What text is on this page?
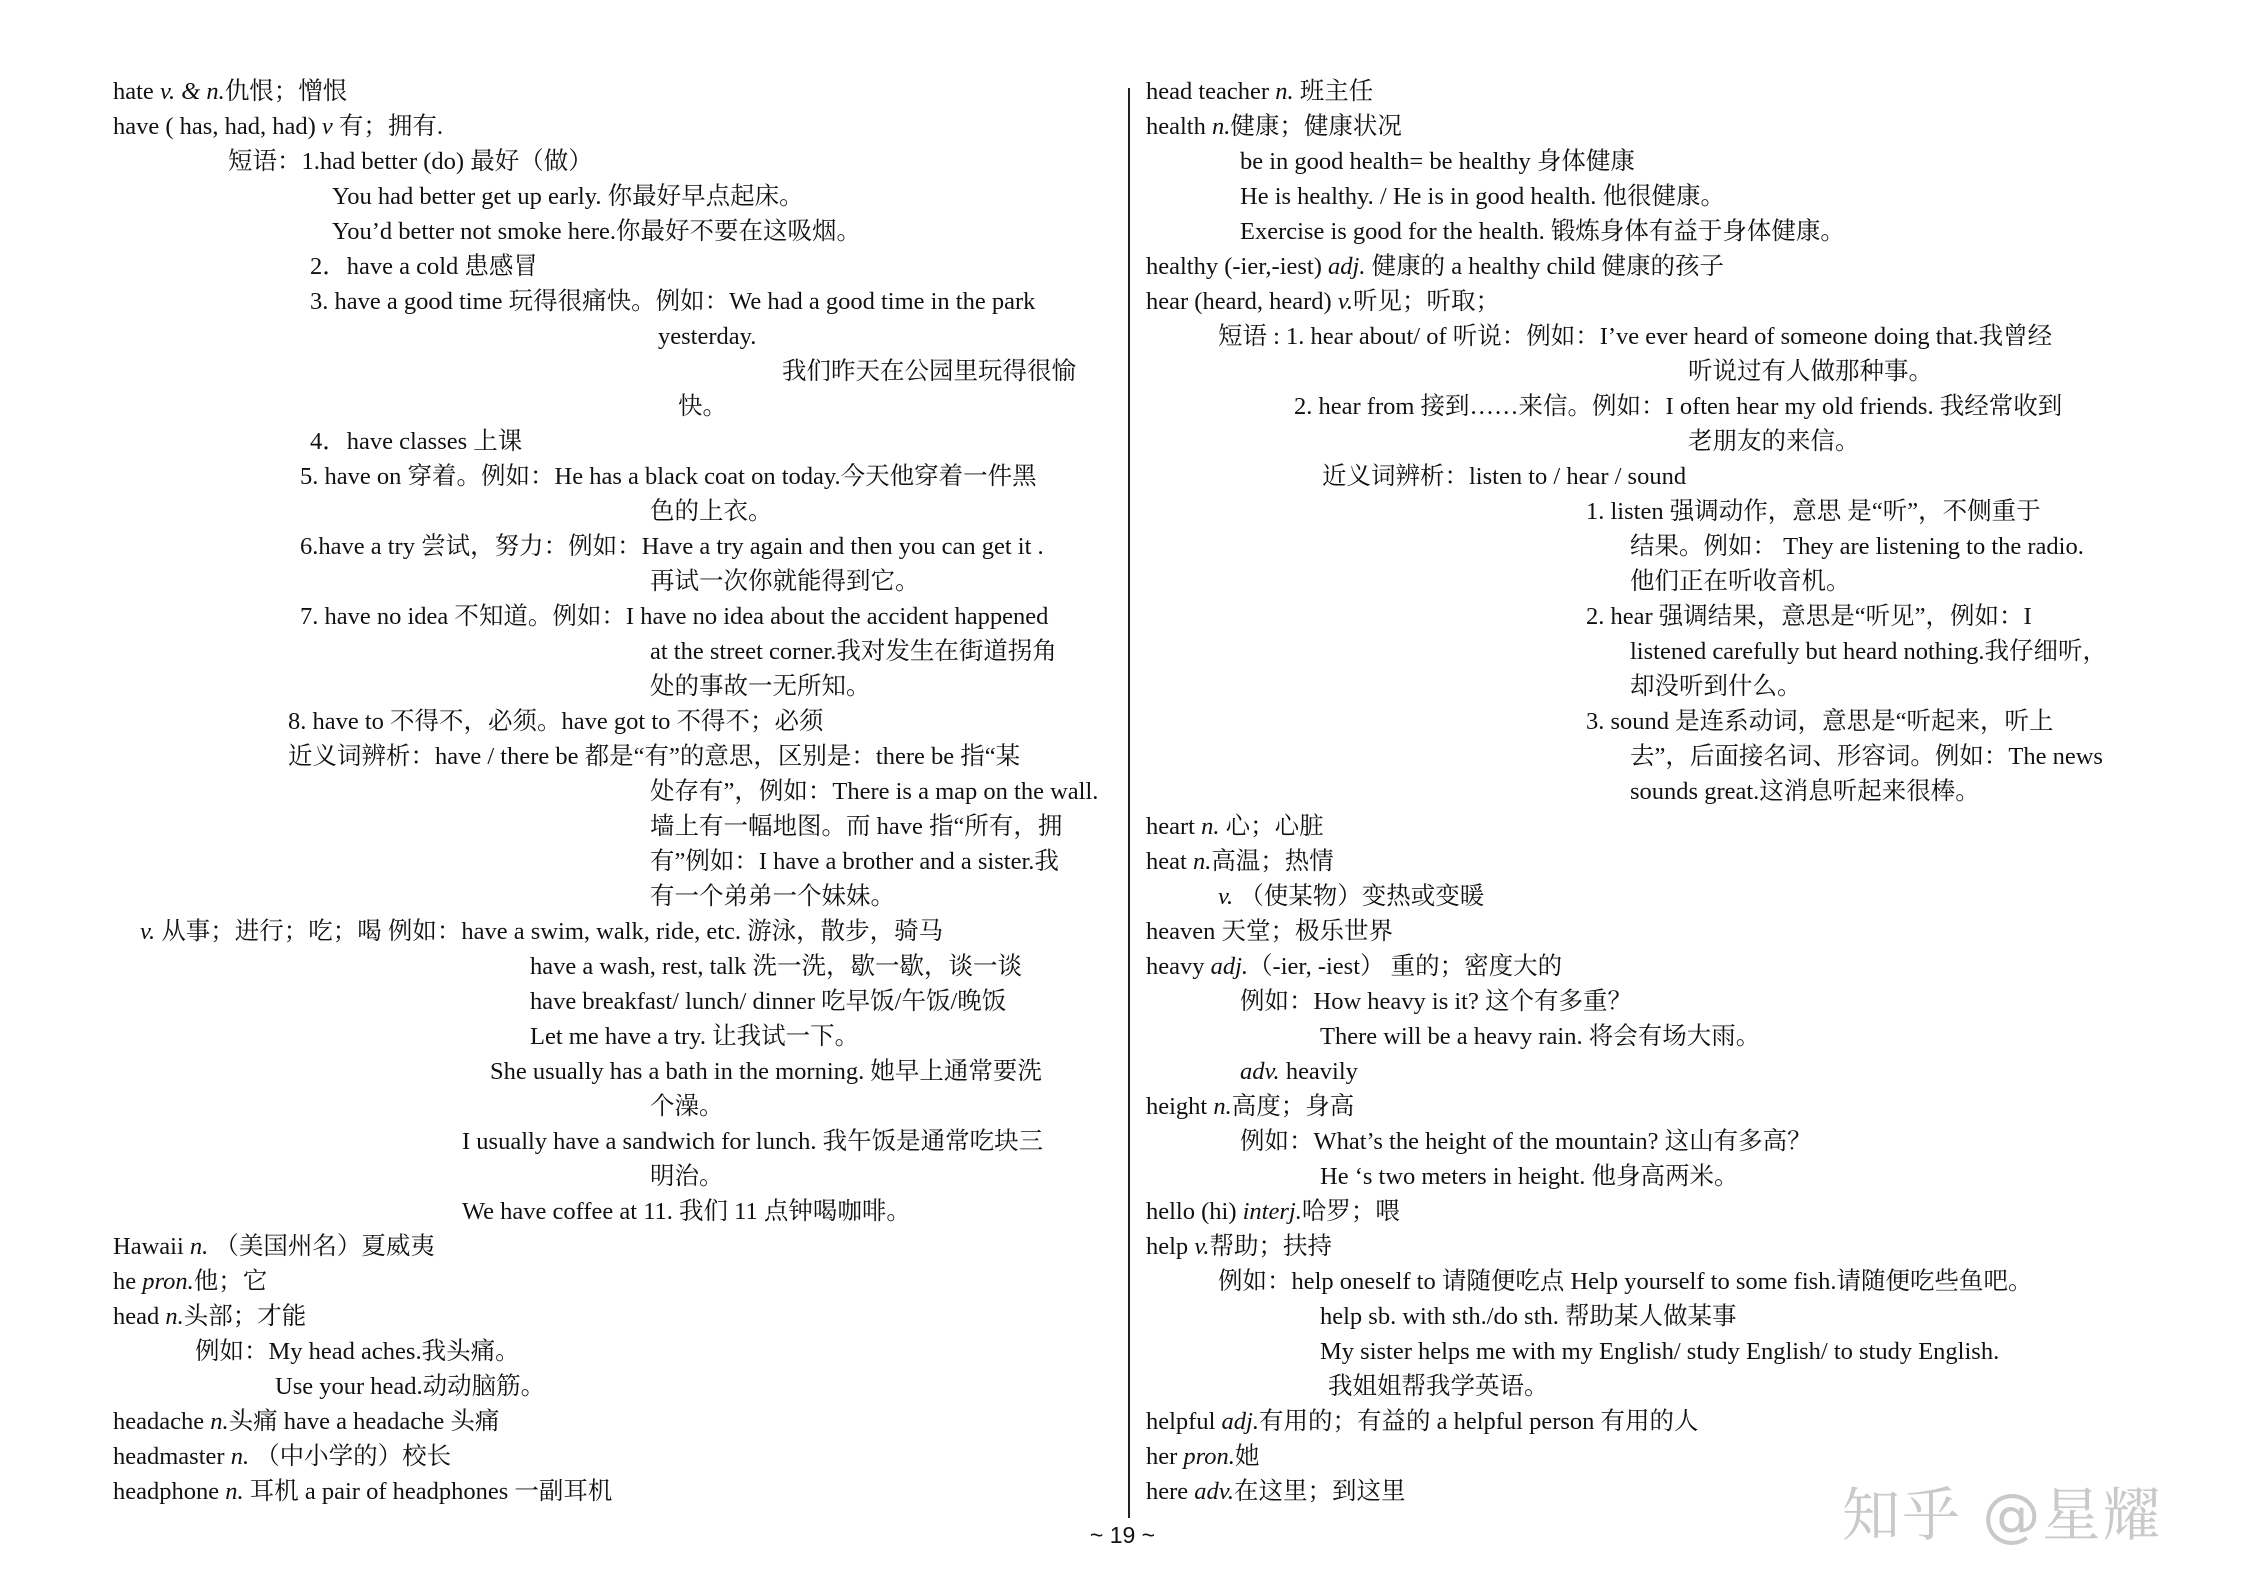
hate v. & n.仇恨；憎恨
have ( has, had, had) v 有；拥有.
短语：1.had better (do) 最好（做）
You had better get up early. 你最好早点起床。
You’d better not smoke here.你最好不要在这吸烟。
2．have a cold 患感冒
3. have a good time 玩得很痛快。例如：We had a good time in the park
yesterday.
我们昨天在公园里玩得很愉
快。
4．have classes 上课
5. have on 穿着。例如：He has a black coat on today.今天他穿着一件黑
色的上衣。
6.have a try 尝试，努力：例如：Have a try again and then you can get it .
再试一次你就能得到它。
7. have no idea 不知道。例如：I have no idea about the accident happened
at the street corner.我对发生在街道拐角
处的事故一无所知。
8. have to 不得不，必须。have got to 不得不；必须
近义词辨析：have / there be 都是“有”的意思，区别是：there be 指“某
处存有”，例如：There is a map on the wall.
墙上有一幅地图。而 have 指“所有，拥
有”例如：I have a brother and a sister.我
有一个弟弟一个妹妹。
v. 从事；进行；吃；喝 例如：have a swim, walk, ride, etc. 游泳，散步，骑马
have a wash, rest, talk 洗一洗，歇一歇，谈一谈
have breakfast/ lunch/ dinner 吃早饭/午饭/晚饭
Let me have a try. 让我试一下。
She usually has a bath in the morning. 她早上通常要洗
个澡。
I usually have a sandwich for lunch. 我午饭是通常吃块三
明治。
We have coffee at 11. 我们 11 点钟喝咖啡。
Hawaii n. （美国州名）夏威夷
he pron.他；它
head n.头部；才能
例如：My head aches.我头痛。
Use your head.动动脑筋。
headache n.头痛 have a headache 头痛
headmaster n. （中小学的）校长
headphone n. 耳机 a pair of headphones 一副耳机
head teacher n. 班主任
health n.健康；健康状况
be in good health= be healthy 身体健康
He is healthy. / He is in good health. 他很健康。
Exercise is good for the health. 锻炼身体有益于身体健康。
healthy (-ier,-iest) adj. 健康的 a healthy child 健康的孩子
hear (heard, heard) v.听见；听取；
短语 : 1. hear about/ of 听说：例如：I’ve ever heard of someone doing that.我曾经
听说过有人做那种事。
2. hear from 接到……来信。例如：I often hear my old friends. 我经常收到
老朋友的来信。
近义词辨析：listen to / hear / sound
1. listen 强调动作，意思 是“听”，不侧重于
结果。例如： They are listening to the radio.
他们正在听收音机。
2. hear 强调结果，意思是“听见”，例如：I
listened carefully but heard nothing.我仔细听，
却没听到什么。
3. sound 是连系动词，意思是“听起来，听上
去”，后面接名词、形容词。例如：The news
sounds great.这消息听起来很棒。
heart n. 心；心脏
heat n.高温；热情
v. （使某物）变热或变暖
heaven 天堂；极乐世界
heavy adj.（-ier, -iest） 重的；密度大的
例如：How heavy is it? 这个有多重？
There will be a heavy rain. 将会有场大雨。
adv. heavily
height n.高度；身高
例如：What’s the height of the mountain? 这山有多高？
He ‘s two meters in height. 他身高两米。
hello (hi) interj.哈罗；喂
help v.帮助；扶持
例如：help oneself to 请随便吃点 Help yourself to some fish.请随便吃些鱼吧。
help sb. with sth./do sth. 帮助某人做某事
My sister helps me with my English/ study English/ to study English.
我姐姐帮我学英语。
helpful adj.有用的；有益的 a helpful person 有用的人
her pron.她
here adv.在这里；到这里
~ 19 ~	知乎 @星耀
